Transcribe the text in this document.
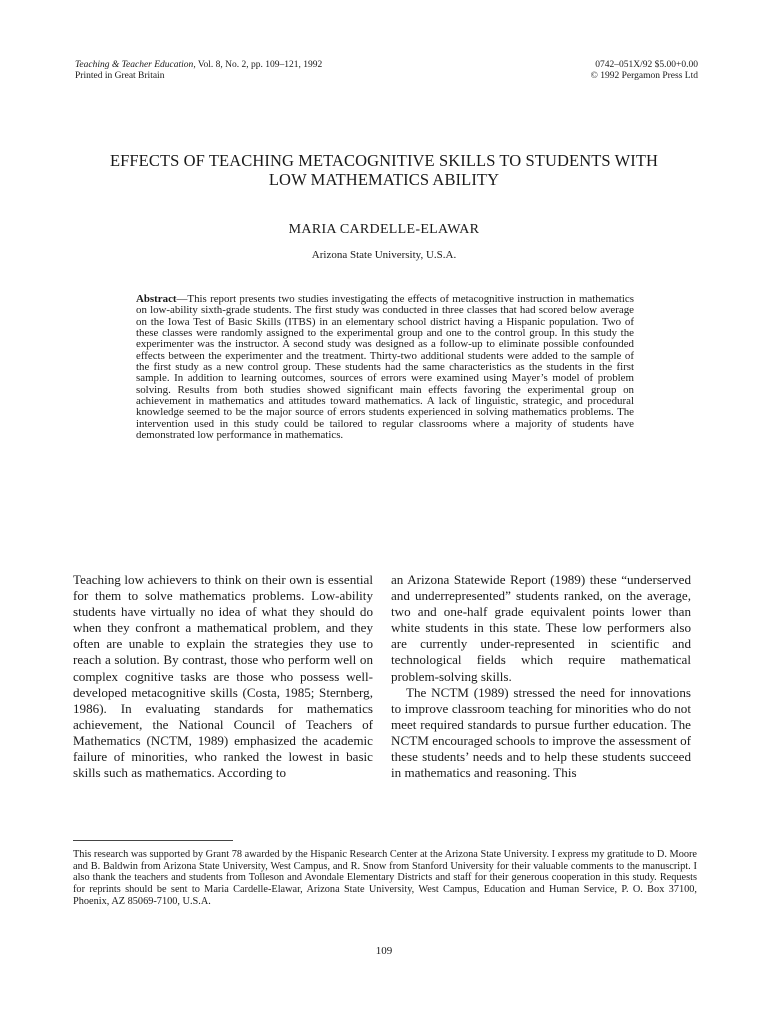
Teaching & Teacher Education, Vol. 8, No. 2, pp. 109–121, 1992
Printed in Great Britain
0742–051X/92 $5.00+0.00
© 1992 Pergamon Press Ltd
EFFECTS OF TEACHING METACOGNITIVE SKILLS TO STUDENTS WITH
LOW MATHEMATICS ABILITY
MARIA CARDELLE-ELAWAR
Arizona State University, U.S.A.
Abstract—This report presents two studies investigating the effects of metacognitive instruction in mathematics on low-ability sixth-grade students. The first study was conducted in three classes that had scored below average on the Iowa Test of Basic Skills (ITBS) in an elementary school district having a Hispanic population. Two of these classes were randomly assigned to the experimental group and one to the control group. In this study the experimenter was the instructor. A second study was designed as a follow-up to eliminate possible confounded effects between the experimenter and the treatment. Thirty-two additional students were added to the sample of the first study as a new control group. These students had the same characteristics as the students in the first sample. In addition to learning outcomes, sources of errors were examined using Mayer’s model of problem solving. Results from both studies showed significant main effects favoring the experimental group on achievement in mathematics and attitudes toward mathematics. A lack of linguistic, strategic, and procedural knowledge seemed to be the major source of errors students experienced in solving mathematics problems. The intervention used in this study could be tailored to regular classrooms where a majority of students have demonstrated low performance in mathematics.

Teaching low achievers to think on their own is essential for them to solve mathematics problems. Low-ability students have virtually no idea of what they should do when they confront a mathematical problem, and they often are unable to explain the strategies they use to reach a solution. By contrast, those who perform well on complex cognitive tasks are those who possess well-developed metacognitive skills (Costa, 1985; Sternberg, 1986). In evaluating standards for mathematics achievement, the National Council of Teachers of Mathematics (NCTM, 1989) emphasized the academic failure of minorities, who ranked the lowest in basic skills such as mathematics. According to

an Arizona Statewide Report (1989) these “underserved and underrepresented” students ranked, on the average, two and one-half grade equivalent points lower than white students in this state. These low performers also are currently under-represented in scientific and technological fields which require mathematical problem-solving skills.

The NCTM (1989) stressed the need for innovations to improve classroom teaching for minorities who do not meet required standards to pursue further education. The NCTM encouraged schools to improve the assessment of these students’ needs and to help these students succeed in mathematics and reasoning. This

This research was supported by Grant 78 awarded by the Hispanic Research Center at the Arizona State University. I express my gratitude to D. Moore and B. Baldwin from Arizona State University, West Campus, and R. Snow from Stanford University for their valuable comments to the manuscript. I also thank the teachers and students from Tolleson and Avondale Elementary Districts and staff for their generous cooperation in this study. Requests for reprints should be sent to Maria Cardelle-Elawar, Arizona State University, West Campus, Education and Human Service, P. O. Box 37100, Phoenix, AZ 85069-7100, U.S.A.

109
